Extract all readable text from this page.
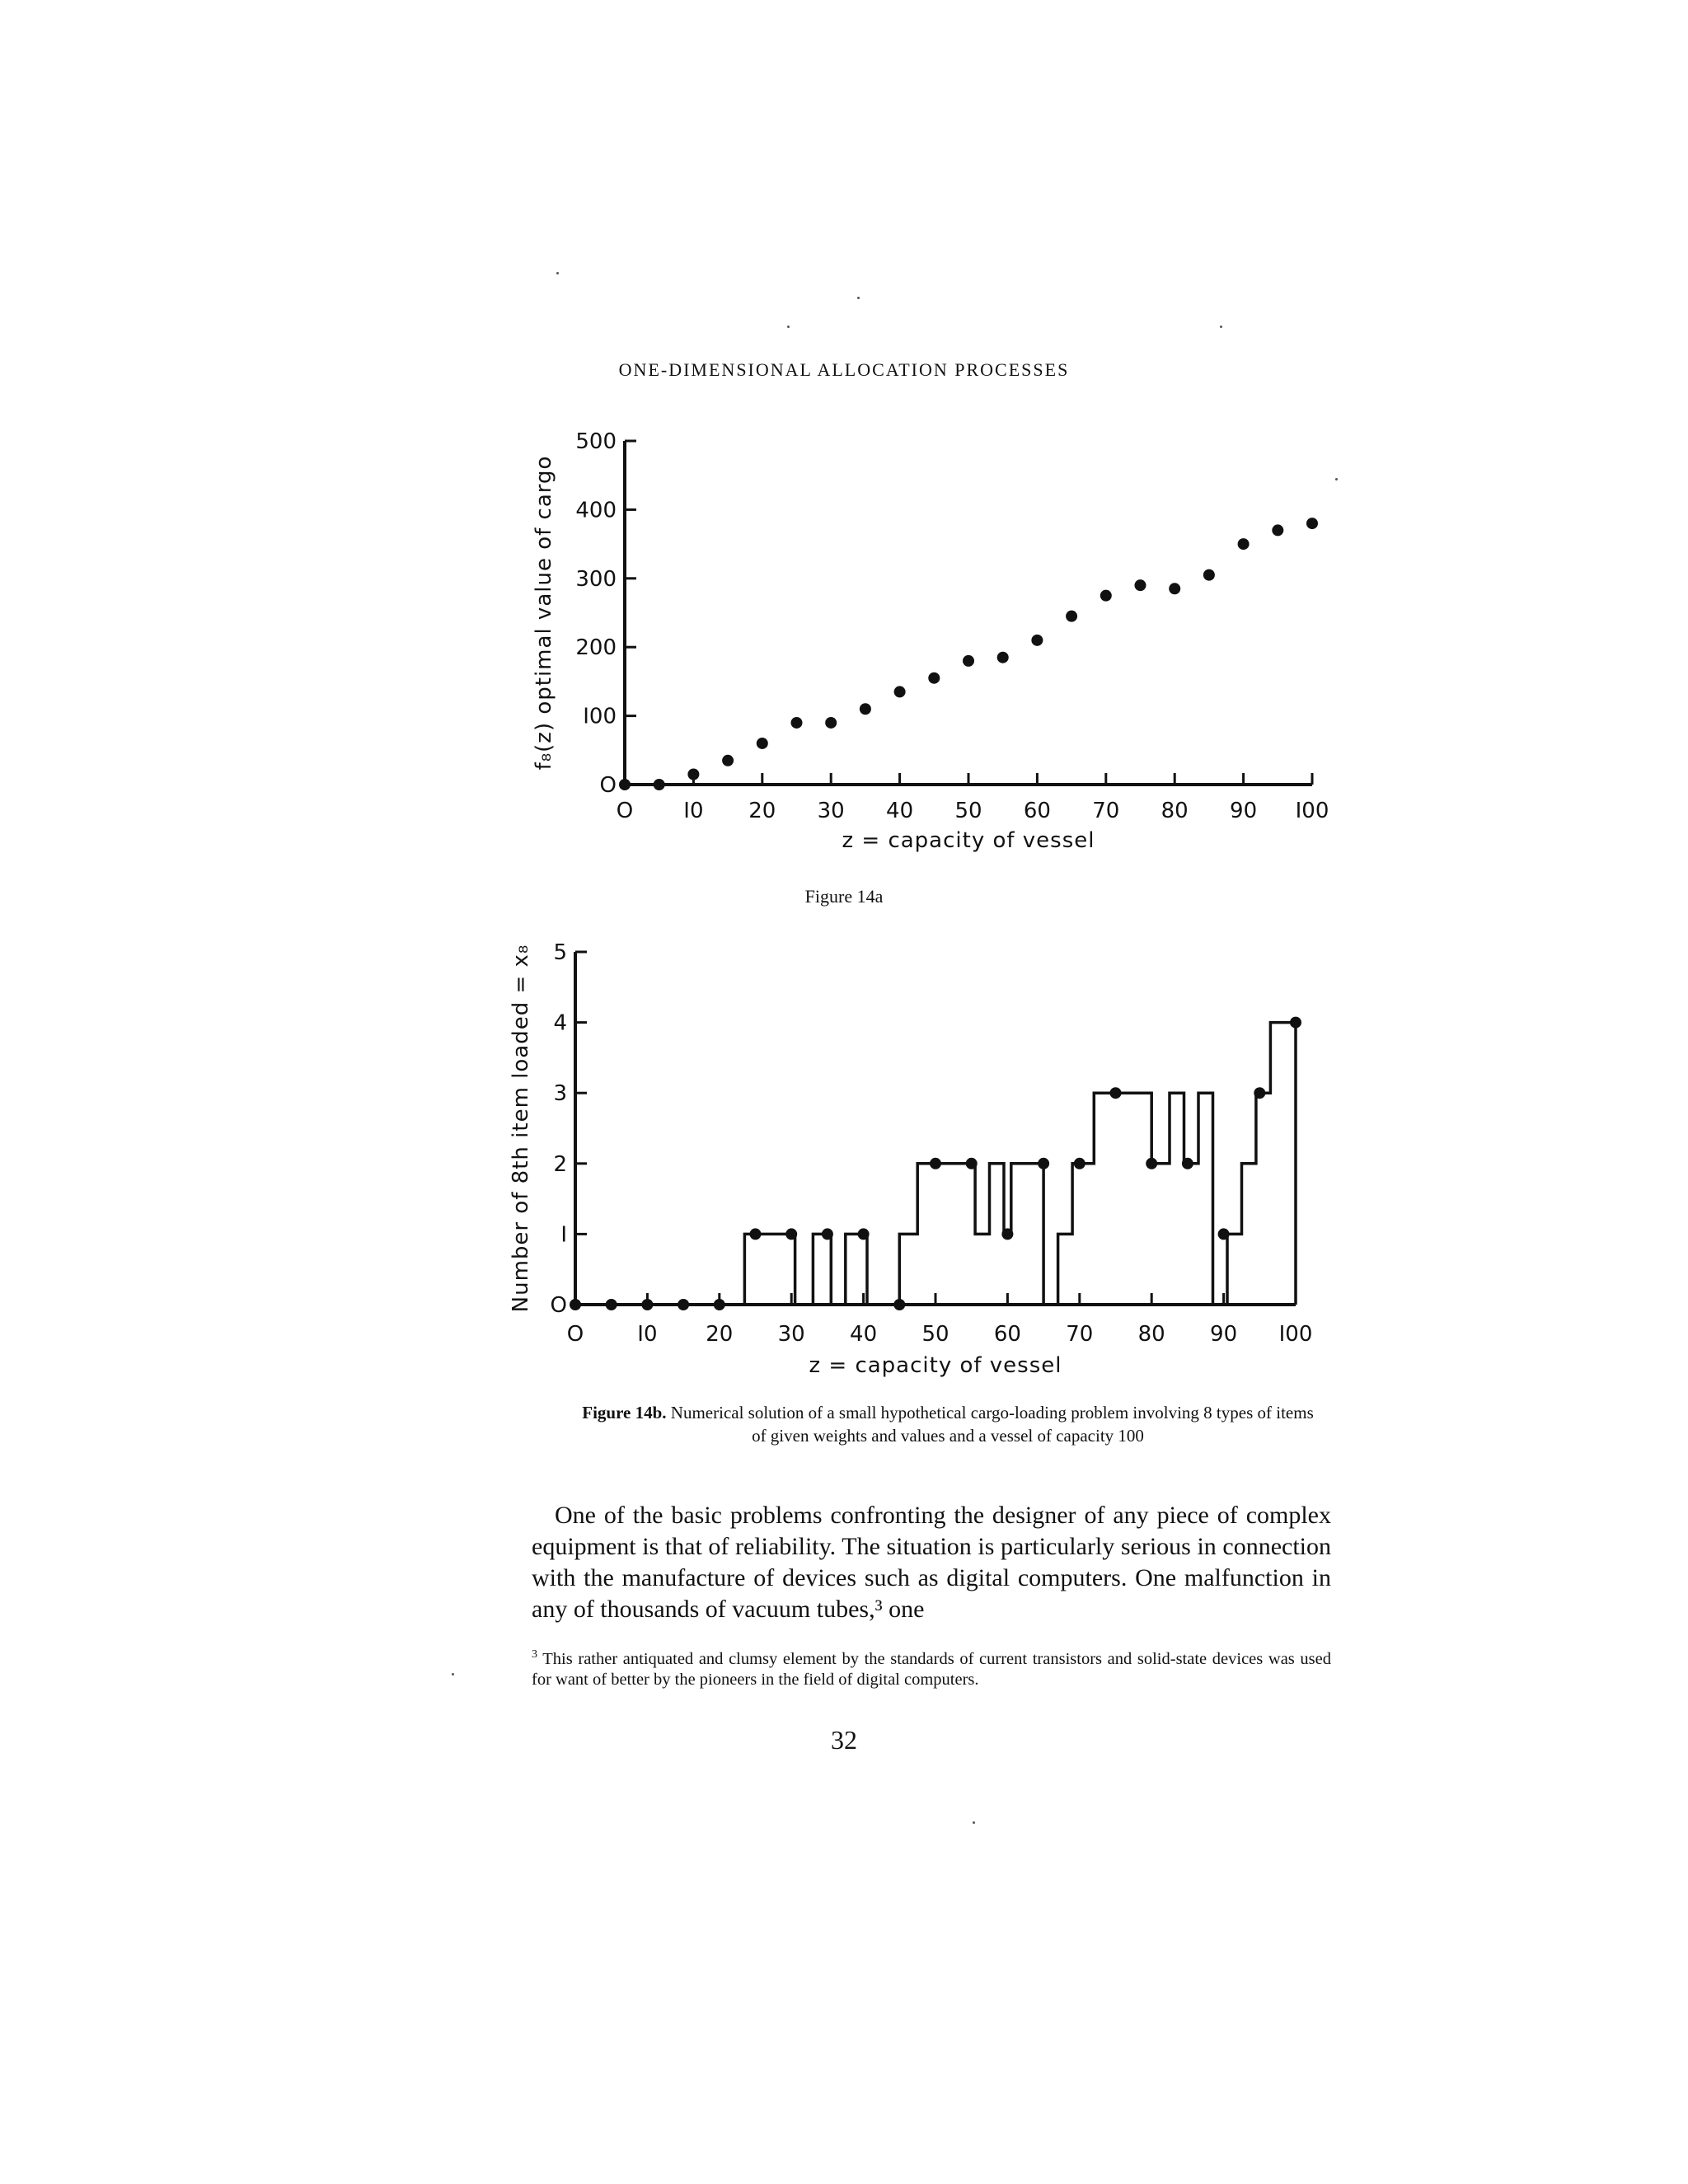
ONE-DIMENSIONAL ALLOCATION PROCESSES
O
I00
200
300
400
500
O I0 20 30 40 50 60 70 80 90 I00
f₈(z) optimal value of cargo
z = capacity of vessel
Figure 14a
O
I
2
3
4
5
O	I0 20 30 40 50 60 70 80 90 I00
Number of 8th item loaded = x₈
z = capacity of vessel
Figure 14b. Numerical solution of a small hypothetical cargo-loading problem involving 8 types of items of given weights and values and a vessel of capacity 100

One of the basic problems confronting the designer of any piece of complex equipment is that of reliability. The situation is particularly serious in connection with the manufacture of devices such as digital computers. One malfunction in any of thousands of vacuum tubes,³ one

$^3$ This rather antiquated and clumsy element by the standards of current transistors and solid-state devices was used for want of better by the pioneers in the field of digital computers.
32
